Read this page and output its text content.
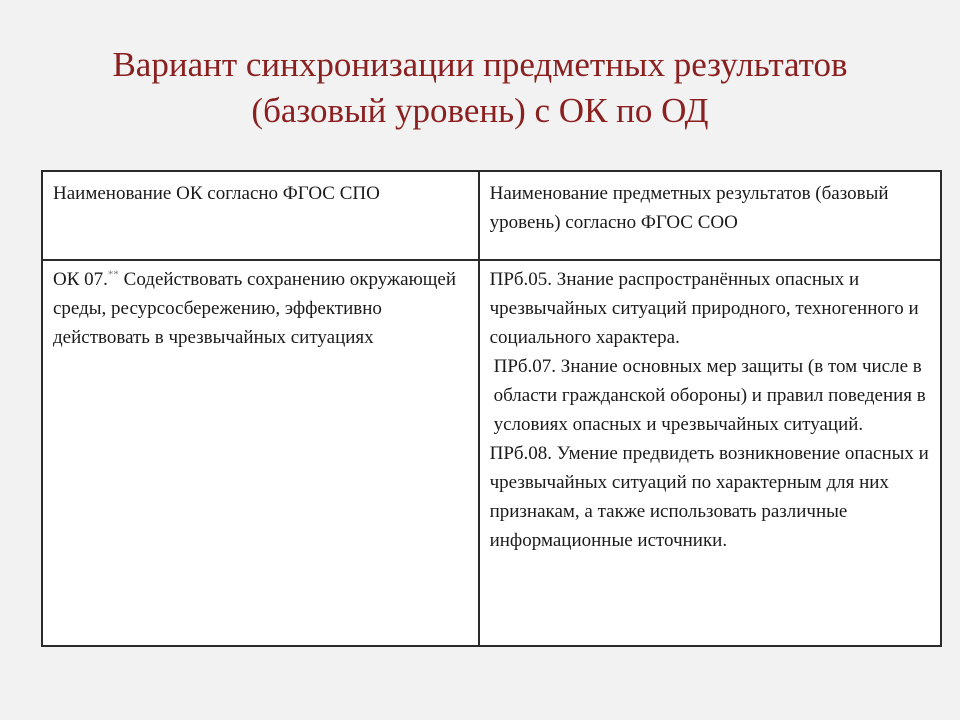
Вариант синхронизации предметных результатов
(базовый уровень) с ОК по ОД
Наименование ОК согласно ФГОС СПО	Наименование предметных результатов (базовый уровень) согласно ФГОС СОО
ОК 07.** Содействовать сохранению окружающей среды, ресурсосбережению, эффективно действовать в чрезвычайных ситуациях	ПРб.05. Знание распространённых опасных и чрезвычайных ситуаций природного, техногенного и социального характера.
ПРб.07. Знание основных мер защиты (в том числе в области гражданской обороны) и правил поведения в условиях опасных и чрезвычайных ситуаций.
ПРб.08. Умение предвидеть возникновение опасных и чрезвычайных ситуаций по характерным для них признакам, а также использовать различные информационные источники.
